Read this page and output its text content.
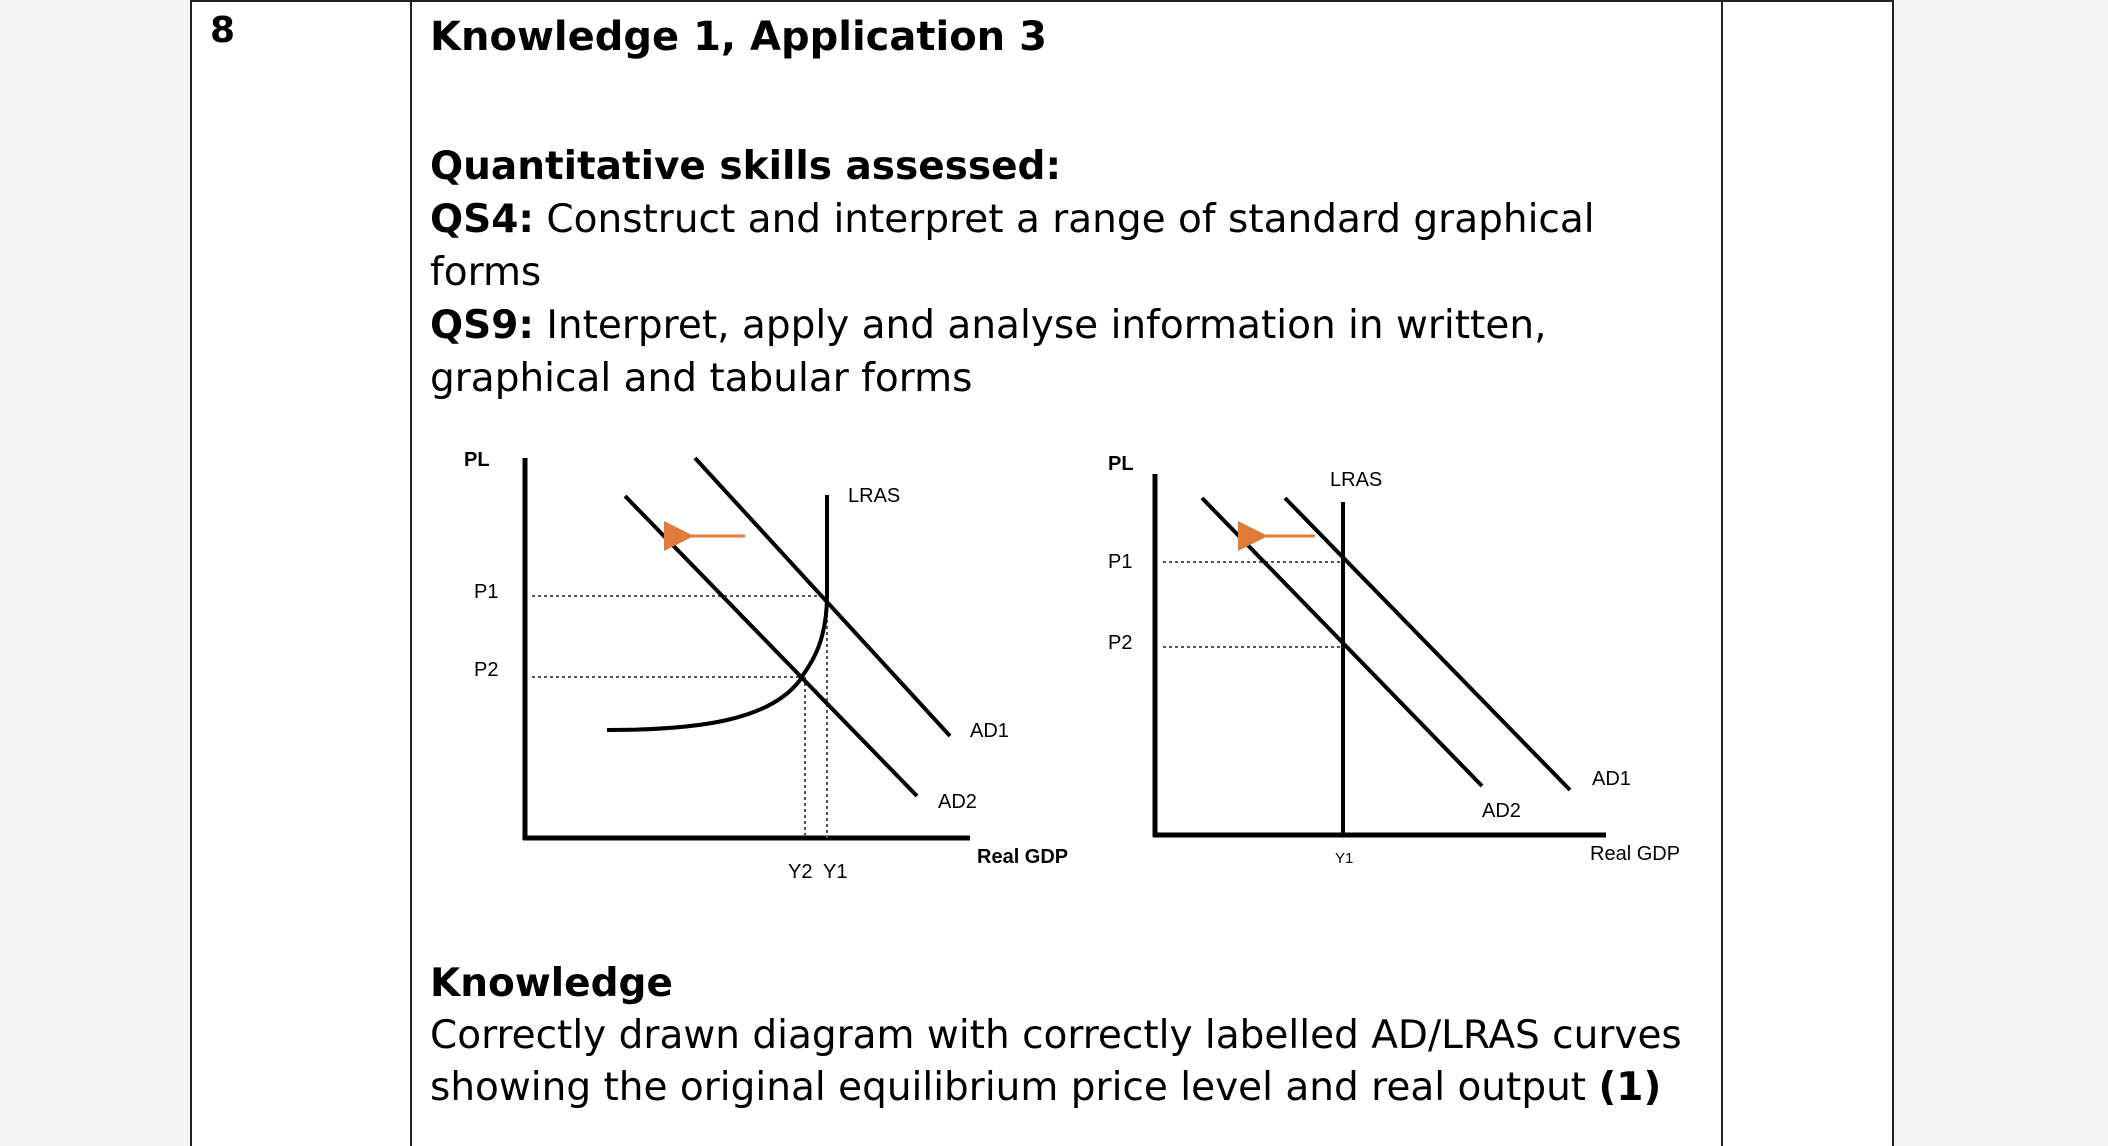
8	Knowledge 1, Application 3
Quantitative skills assessed:
QS4: Construct and interpret a range of standard graphical forms
QS9: Interpret, apply and analyse information in written, graphical and tabular forms
Knowledge
Correctly drawn diagram with correctly labelled AD/LRAS curves showing the original equilibrium price level and real output (1)
PL
Real GDP
P1
P2
LRAS
AD1
AD2
Y2 Y1
PL
Real GDP
P1
P2
LRAS
AD1
AD2
Y1
